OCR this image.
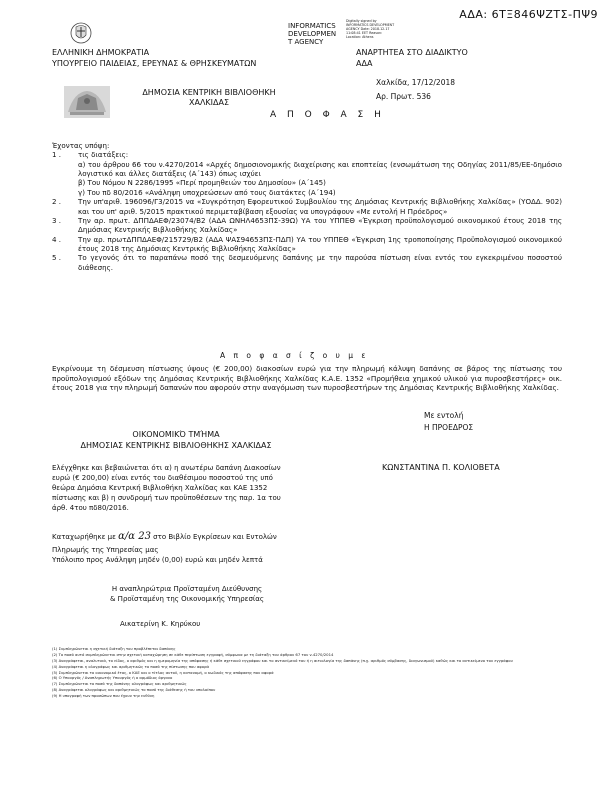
ΑΔΑ: 6ΤΞ846ΨΖΤΣ-ΠΨ9
ΕΛΛΗΝΙΚΗ ΔΗΜΟΚΡΑΤΙΑ
ΥΠΟΥΡΓΕΙΟ ΠΑΙΔΕΙΑΣ, ΕΡΕΥΝΑΣ & ΘΡΗΣΚΕΥΜΑΤΩΝ
INFORMATICS
DEVELOPMEN
T AGENCY
Digitally signed by INFORMATICS DEVELOPMENT AGENCY Date: 2018.12.17 11:08:41 EET Reason: Location: Athens
ΑΝΑΡΤΗΤΕΑ ΣΤΟ ΔΙΑΔΙΚΤΥΟ
ΑΔΑ
ΔΗΜΟΣΙΑ ΚΕΝΤΡΙΚΗ ΒΙΒΛΙΟΘΗΚΗ
ΧΑΛΚΙΔΑΣ
Χαλκίδα, 17/12/2018
Αρ. Πρωτ. 536
Α Π Ο Φ Α Σ Η
Έχοντας υπόψη:
1 .	τις διατάξεις:
α) του άρθρου 66 του ν.4270/2014 «Αρχές δημοσιονομικής διαχείρισης και εποπτείας (ενσωμάτωση της Οδηγίας 2011/85/ΕΕ-δημόσιο λογιστικό και άλλες διατάξεις (Α΄143) όπως ισχύει
β) Του Νόμου Ν 2286/1995 «Περί προμηθειών του Δημοσίου» (Α΄145)
γ) Του πδ 80/2016 «Ανάληψη υποχρεώσεων από τους διατάκτες (Α΄194)
2 .	Την υπ'αριθ. 196096/Γ3/2015 να «Συγκρότηση Εφορευτικού Συμβουλίου της Δημόσιας Κεντρικής Βιβλιοθήκης Χαλκίδας» (ΥΟΔΔ. 902) και του υπ' αριθ. 5/2015 πρακτικού περιμεταβίβαση εξουσίας να υπογράφουν «Με εντολή Η Πρόεδρος»
3 .	Την αρ. πρωτ. ΔΠΠΔΑΕΦ/23074/Β2 (ΑΔΑ ΩΝΗΛ4653ΠΣ-39Ω) ΥΑ του ΥΠΠΕΘ «Έγκριση προϋπολογισμού οικονομικού έτους 2018 της Δημόσιας Κεντρικής Βιβλιοθήκης Χαλκίδας»
4 .	Την αρ. πρωτΔΠΠΔΑΕΦ/215729/Β2 (ΑΔΑ ΨΑΣ94653ΠΣ-ΠΔΠ) ΥΑ του ΥΠΠΕΘ «Έγκριση 1ης τροποποίησης Προϋπολογισμού οικονομικού έτους 2018 της Δημόσιας Κεντρικής Βιβλιοθήκης Χαλκίδας»
5 .	Το γεγονός ότι το παραπάνω ποσό της δεσμευόμενης δαπάνης με την παρούσα πίστωση είναι εντός του εγκεκριμένου ποσοστού διάθεσης.
Α π ο φ α σ ί ζ ο υ μ ε
Εγκρίνουμε τη δέσμευση πίστωσης ύψους (€ 200,00) διακοσίων ευρώ για την πληρωμή κάλυψη δαπάνης σε βάρος της πίστωσης του προϋπολογισμού εξόδων της Δημόσιας Κεντρικής Βιβλιοθήκης Χαλκίδας Κ.Α.Ε. 1352 «Προμήθεια χημικού υλικού για πυροσβεστήρες» οικ. έτους 2018 για την πληρωμή δαπανών που αφορούν στην αναγόμωση των πυροσβεστήρων της Δημόσιας Κεντρικής Βιβλιοθήκης Χαλκίδας.
Με εντολή
Η ΠΡΟΕΔΡΟΣ
ΟΙΚΟΝΟΜΙΚΌ ΤΜΉΜΑ
ΔΗΜΟΣΙΑΣ ΚΕΝΤΡΙΚΗΣ ΒΙΒΛΙΟΘΗΚΗΣ ΧΑΛΚΙΔΑΣ
ΚΩΝΣΤΑΝΤΙΝΑ Π. ΚΟΛΙΟΒΕΤΑ
Ελέγχθηκε και βεβαιώνεται ότι α) η ανωτέρω δαπάνη Διακοσίων ευρώ (€ 200,00) είναι εντός του διαθέσιμου ποσοστού της υπό θεώρα Δημόσια Κεντρική Βιβλιοθήκη Χαλκίδας και ΚΑΕ 1352 πίστωσης και β) η συνδρομή των προϋποθέσεων της παρ. 1α του άρθ. 4του πδ80/2016.
Καταχωρήθηκε με α/α 23 στο Βιβλίο Εγκρίσεων και Εντολών
Πληρωμής της Υπηρεσίας μας
Υπόλοιπο προς Ανάληψη μηδέν (0,00) ευρώ και μηδέν λεπτά
Η αναπληρώτρια Προϊσταμένη Διεύθυνσης
& Προϊσταμένη της Οικονομικής Υπηρεσίας
Αικατερίνη Κ. Κηρύκου
(1) Συμπληρώνεται η σχετική διάταξη του προβλέπεται δαπάνης
(2) Το ποσό αυτό συμπληρώνεται στην σχετική καταχώρηση σε κάθε περίπτωση εγγραφή, σύμφωνα με τη διάταξη του άρθρου 67 του ν.4270/2014
(3) Αναγράφεται, αναλυτικά, το είδος, ο αριθμός και η ημερομηνία της απόφασης ή κάθε σχετικού εγγράφου και το αντικείμενό του ή η αιτιολογία της δαπάνης (π.χ. αριθμός σύμβασης, διαγωνισμού) καθώς και το αντικείμενο του εγγράφου
(4) Αναγράφεται η ολογράφως και αριθμητικώς το ποσό της πίστωσης που αφορά
(5) Συμπληρώνεται το οικονομικό έτος, ο ΚΑΕ και ο τίτλος αυτού, η κατανομή, ο κωδικός της απόφασης που αφορά
(6) Ο Υπουργός / Αναπληρωτής Υπουργός ή ο αρμόδιος όργανο
(7) Συμπληρώνεται το ποσό της δαπάνης ολογράφως και αριθμητικώς
(8) Αναγράφεται ολογράφως και αριθμητικώς το ποσό της διάθεσης ή του υπολοίπου
(9) Η υπογραφή των προσώπων που έχουν την ευθύνη
